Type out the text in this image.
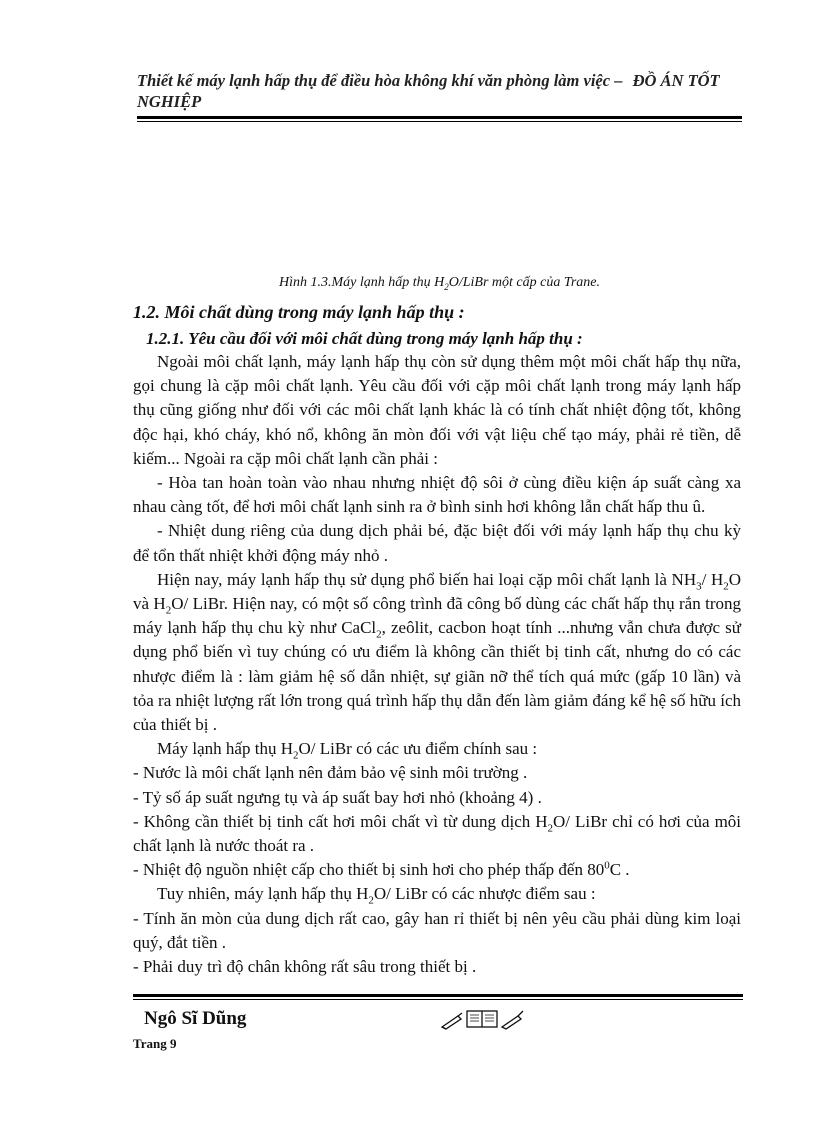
Thiết kế máy lạnh hấp thụ để điều hòa không khí văn phòng làm việc – ĐỒ ÁN TỐT NGHIỆP
Hình 1.3.Máy lạnh hấp thụ $H_2O$/LiBr một cấp của Trane.
1.2. Môi chất dùng trong máy lạnh hấp thụ :
1.2.1. Yêu cầu đối với môi chất dùng trong máy lạnh hấp thụ :

Ngoài môi chất lạnh, máy lạnh hấp thụ còn sử dụng thêm một môi chất hấp thụ nữa, gọi chung là cặp môi chất lạnh. Yêu cầu đối với cặp môi chất lạnh trong máy lạnh hấp thụ cũng giống như đối với các môi chất lạnh khác là có tính chất nhiệt động tốt, không độc hại, khó cháy, khó nổ, không ăn mòn đối với vật liệu chế tạo máy, phải rẻ tiền, dễ kiếm... Ngoài ra cặp môi chất lạnh cần phải :

- Hòa tan hoàn toàn vào nhau nhưng nhiệt độ sôi ở cùng điều kiện áp suất càng xa nhau càng tốt, để hơi môi chất lạnh sinh ra ở bình sinh hơi không lẫn chất hấp thu û.

- Nhiệt dung riêng của dung dịch phải bé, đặc biệt đối với máy lạnh hấp thụ chu kỳ để tổn thất nhiệt khởi động máy nhỏ .

Hiện nay, máy lạnh hấp thụ sử dụng phổ biến hai loại cặp môi chất lạnh là $NH_3/$ $H_2O$ và $H_2O/$ LiBr. Hiện nay, có một số công trình đã công bố dùng các chất hấp thụ rắn trong máy lạnh hấp thụ chu kỳ như CaCl$_2$, zeôlit, cacbon hoạt tính ...nhưng vẫn chưa được sử dụng phổ biến vì tuy chúng có ưu điểm là không cần thiết bị tinh cất, nhưng do có các nhược điểm là : làm giảm hệ số dẫn nhiệt, sự giãn nỡ thể tích quá mức (gấp 10 lần) và tỏa ra nhiệt lượng rất lớn trong quá trình hấp thụ dẫn đến làm giảm đáng kể hệ số hữu ích của thiết bị .

Máy lạnh hấp thụ $H_2O/$ LiBr có các ưu điểm chính sau :

- Nước là môi chất lạnh nên đảm bảo vệ sinh môi trường .

- Tỷ số áp suất ngưng tụ và áp suất bay hơi nhỏ (khoảng 4) .

- Không cần thiết bị tinh cất hơi môi chất vì từ dung dịch $H_2O/$ LiBr chỉ có hơi của môi chất lạnh là nước thoát ra .

- Nhiệt độ nguồn nhiệt cấp cho thiết bị sinh hơi cho phép thấp đến $80^0C$ .

Tuy nhiên, máy lạnh hấp thụ $H_2O/$ LiBr có các nhược điểm sau :

- Tính ăn mòn của dung dịch rất cao, gây han rỉ thiết bị nên yêu cầu phải dùng kim loại quý, đắt tiền .

- Phải duy trì độ chân không rất sâu trong thiết bị .

Ngô Sĩ Dũng
Trang 9
